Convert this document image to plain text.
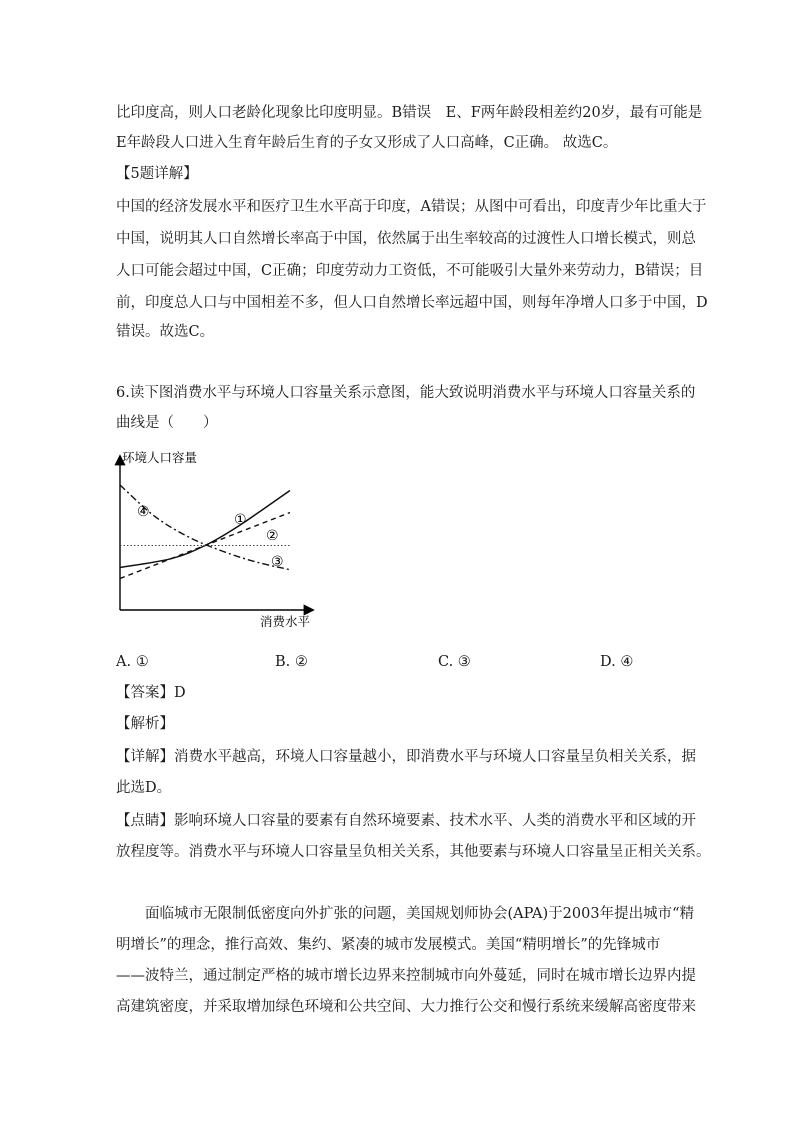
比印度高，则人口老龄化现象比印度明显。B错误　E、F两年龄段相差约20岁，最有可能是
E年龄段人口进入生育年龄后生育的子女又形成了人口高峰，C正确。 故选C。
【5题详解】
中国的经济发展水平和医疗卫生水平高于印度，A错误；从图中可看出，印度青少年比重大于
中国，说明其人口自然增长率高于中国，依然属于出生率较高的过渡性人口增长模式，则总
人口可能会超过中国，C正确；印度劳动力工资低，不可能吸引大量外来劳动力，B错误；目
前，印度总人口与中国相差不多，但人口自然增长率远超中国，则每年净增人口多于中国，D
错误。故选C。
6.读下图消费水平与环境人口容量关系示意图，能大致说明消费水平与环境人口容量关系的
曲线是（　　）
环境人口容量
消费水平
①
②
③
④
A. ①	B. ②	C. ③	D. ④
【答案】D
【解析】
【详解】消费水平越高，环境人口容量越小，即消费水平与环境人口容量呈负相关关系，据
此选D。
【点睛】影响环境人口容量的要素有自然环境要素、技术水平、人类的消费水平和区域的开
放程度等。消费水平与环境人口容量呈负相关关系，其他要素与环境人口容量呈正相关关系。
　　面临城市无限制低密度向外扩张的问题，美国规划师协会(APA)于2003年提出城市“精
明增长”的理念，推行高效、集约、紧凑的城市发展模式。美国“精明增长”的先锋城市
——波特兰，通过制定严格的城市增长边界来控制城市向外蔓延，同时在城市增长边界内提
高建筑密度，并采取增加绿色环境和公共空间、大力推行公交和慢行系统来缓解高密度带来
